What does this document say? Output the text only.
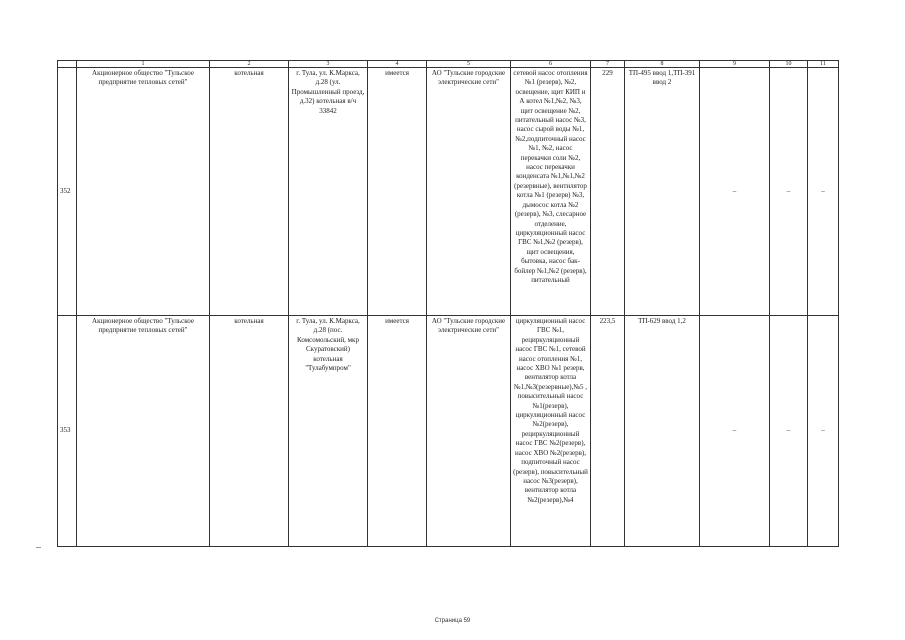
	1	2	3	4	5	6	7	8	9	10	11
352	Акционерное общество "Тульское предприятие тепловых сетей"	котельная	г. Тула, ул. К.Маркса, д.28 (ул. Промышленный проезд, д.32) котельная в/ч 33842	имеется	АО "Тульские городские электрические сети"	сетевой насос отопления №1 (резерв), №2, освещение, щит КИП и А котел №1,№2, №3, щит освещение №2, питательный насос №3, насос сырой воды №1, №2,подпиточный насос №1, №2, насос перекачки соли №2, насос перекачки конденсата №1,№1,№2 (резервные), вентилятор котла №1 (резерв) №3, дымосос котла №2 (резерв), №3, слесарное отделение, циркуляционный насос ГВС №1,№2 (резерв), щит освещения, бытовка, насос бак-бойлер №1,№2 (резерв), питательный	229	ТП-495 ввод 1,ТП-391 ввод 2	–	–	–
353	Акционерное общество "Тульское предприятие тепловых сетей"	котельная	г. Тула, ул. К.Маркса, д.28 (пос. Комсомольский, мкр Скуратовский) котельная "Тулабумпром"	имеется	АО "Тульские городские электрические сети"	циркуляционный насос ГВС №1, рециркуляционный насос ГВС №1, сетевой насос отопления №1, насос ХВО №1 резерв, вентилятор котла №1,№3(резервные),№5 , повысительный насос №1(резерв), циркуляционный насос №2(резерв), рециркуляционный насос ГВС №2(резерв), насос ХВО №2(резерв), подпиточный насос (резерв), повысительный насос №3(резерв), вентилятор котла №2(резерв),№4	223,5	ТП-629 ввод 1,2	–	–	–
Страница 59
